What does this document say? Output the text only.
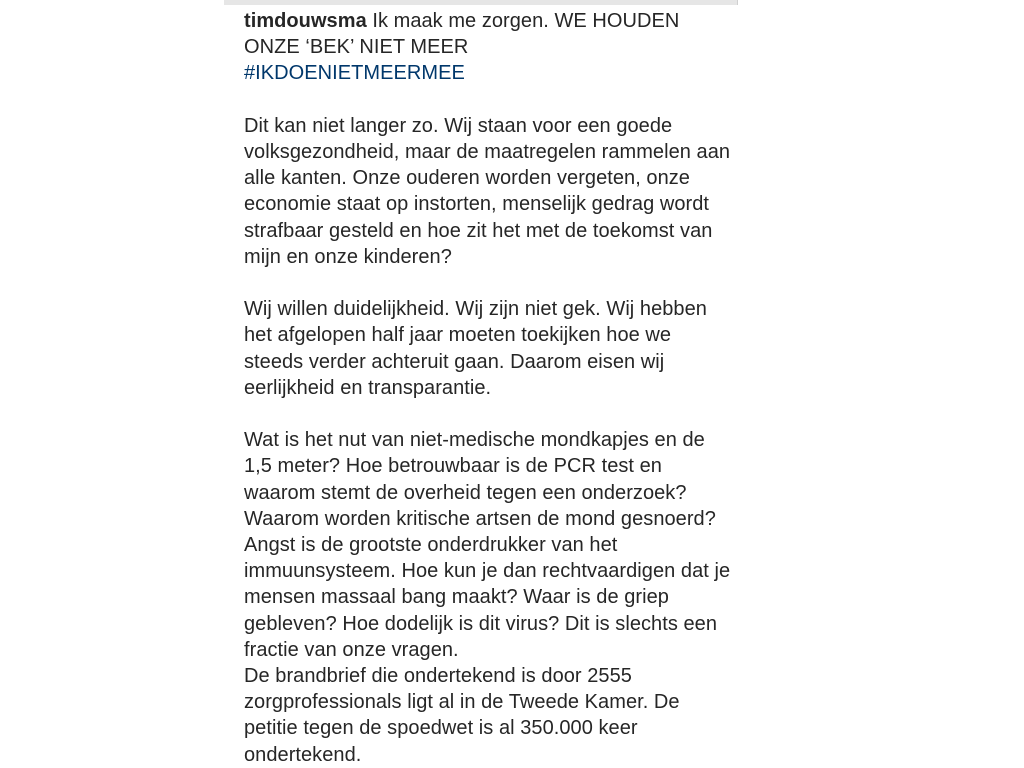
timdouwsma Ik maak me zorgen. WE HOUDEN ONZE ‘BEK’ NIET MEER

#IKDOENIETMEERMEE

Dit kan niet langer zo. Wij staan voor een goede volksgezondheid, maar de maatregelen rammelen aan alle kanten. Onze ouderen worden vergeten, onze economie staat op instorten, menselijk gedrag wordt strafbaar gesteld en hoe zit het met de toekomst van mijn en onze kinderen?

Wij willen duidelijkheid. Wij zijn niet gek. Wij hebben het afgelopen half jaar moeten toekijken hoe we steeds verder achteruit gaan. Daarom eisen wij eerlijkheid en transparantie.

Wat is het nut van niet-medische mondkapjes en de 1,5 meter? Hoe betrouwbaar is de PCR test en waarom stemt de overheid tegen een onderzoek? Waarom worden kritische artsen de mond gesnoerd? Angst is de grootste onderdrukker van het immuunsysteem. Hoe kun je dan rechtvaardigen dat je mensen massaal bang maakt? Waar is de griep gebleven? Hoe dodelijk is dit virus? Dit is slechts een fractie van onze vragen.

De brandbrief die ondertekend is door 2555 zorgprofessionals ligt al in de Tweede Kamer. De petitie tegen de spoedwet is al 350.000 keer ondertekend.
